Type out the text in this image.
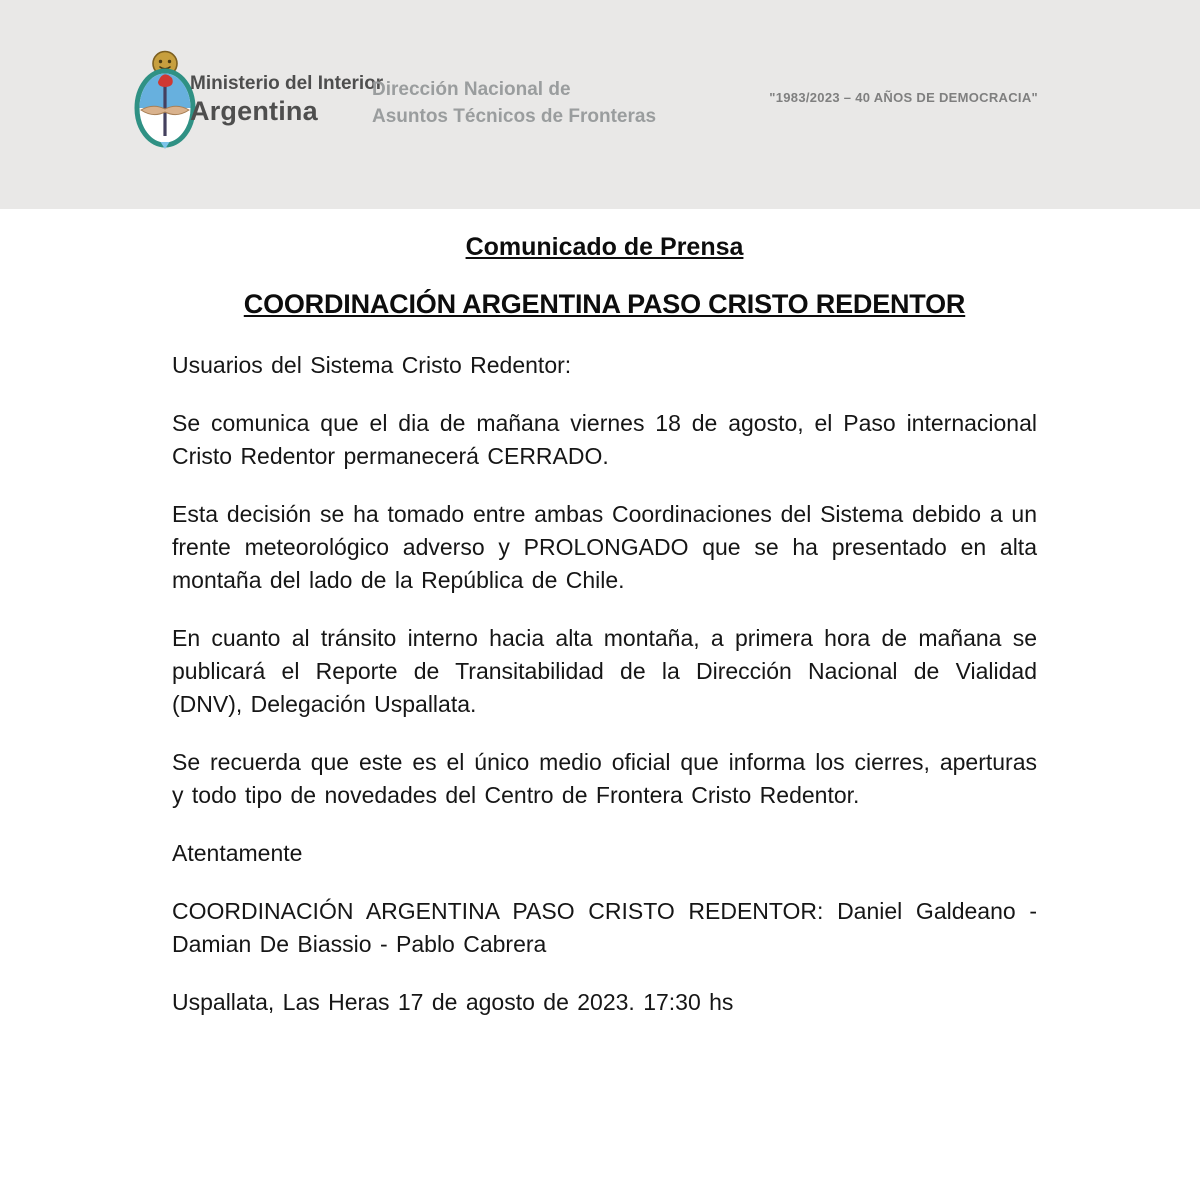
Ministerio del Interior
Argentina
Dirección Nacional de
Asuntos Técnicos de Fronteras
"1983/2023 – 40 AÑOS DE DEMOCRACIA"
Comunicado de Prensa
COORDINACIÓN ARGENTINA PASO CRISTO REDENTOR

Usuarios del Sistema Cristo Redentor:

Se comunica que el dia de mañana viernes 18 de agosto, el Paso internacional Cristo Redentor permanecerá CERRADO.

Esta decisión se ha tomado entre ambas Coordinaciones del Sistema debido a un frente meteorológico adverso y PROLONGADO que se ha presentado en alta montaña del lado de la República de Chile.

En cuanto al tránsito interno hacia alta montaña, a primera hora de mañana se publicará el Reporte de Transitabilidad de la Dirección Nacional de Vialidad (DNV), Delegación Uspallata.

Se recuerda que este es el único medio oficial que informa los cierres, aperturas y todo tipo de novedades del Centro de Frontera Cristo Redentor.

Atentamente

COORDINACIÓN ARGENTINA PASO CRISTO REDENTOR: Daniel Galdeano - Damian De Biassio - Pablo Cabrera

Uspallata, Las Heras 17 de agosto de 2023. 17:30 hs
